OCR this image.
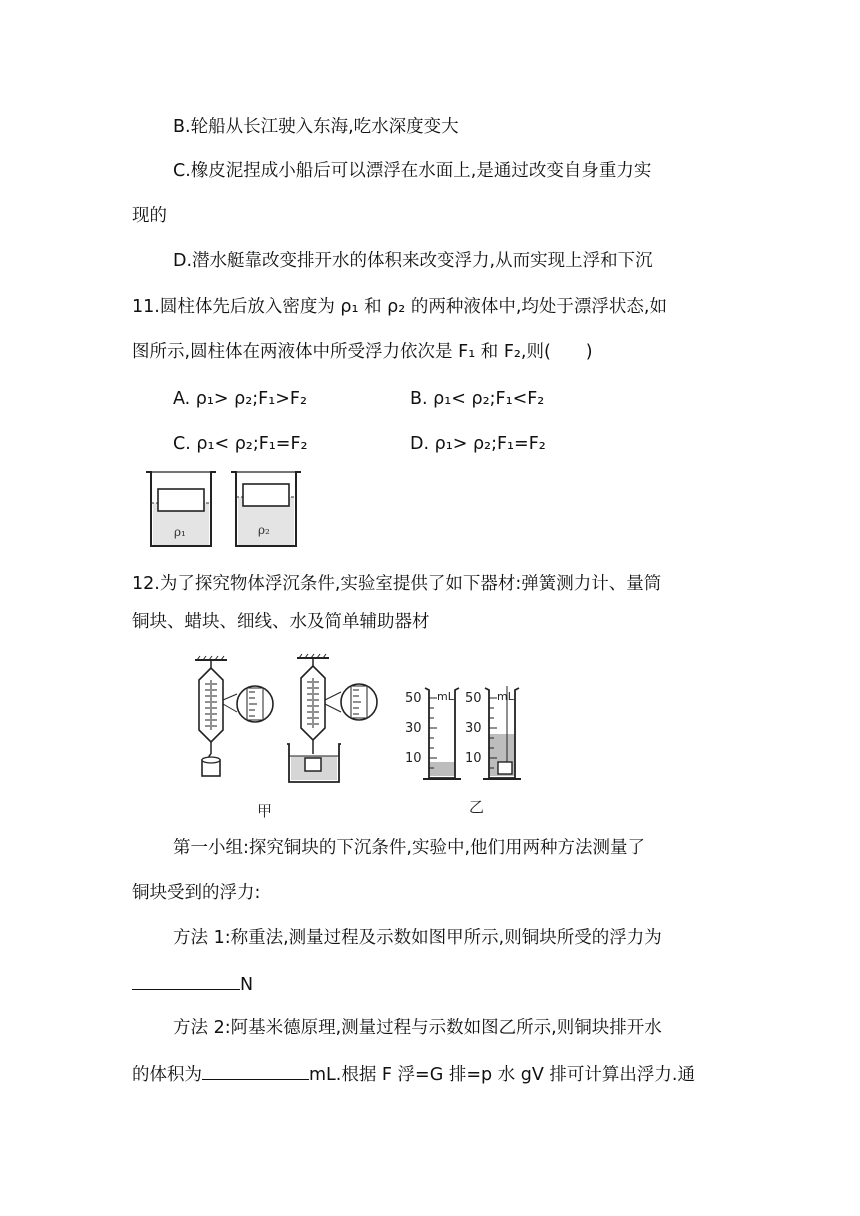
B.轮船从长江驶入东海,吃水深度变大
C.橡皮泥捏成小船后可以漂浮在水面上,是通过改变自身重力实
现的
D.潜水艇靠改变排开水的体积来改变浮力,从而实现上浮和下沉
11.圆柱体先后放入密度为 ρ₁ 和 ρ₂ 的两种液体中,均处于漂浮状态,如
图所示,圆柱体在两液体中所受浮力依次是 F₁ 和 F₂,则(　　)
A. ρ₁> ρ₂;F₁>F₂	B. ρ₁< ρ₂;F₁<F₂
C. ρ₁< ρ₂;F₁=F₂	D. ρ₁> ρ₂;F₁=F₂
ρ₁	ρ₂
12.为了探究物体浮沉条件,实验室提供了如下器材:弹簧测力计、量筒
铜块、蜡块、细线、水及简单辅助器材
mL
50
30
10
mL
50
30
10
甲	乙
第一小组:探究铜块的下沉条件,实验中,他们用两种方法测量了
铜块受到的浮力:
方法 1:称重法,测量过程及示数如图甲所示,则铜块所受的浮力为
N
方法 2:阿基米德原理,测量过程与示数如图乙所示,则铜块排开水
的体积为	mL.根据 F 浮=G 排=p 水 gV 排可计算出浮力.通
